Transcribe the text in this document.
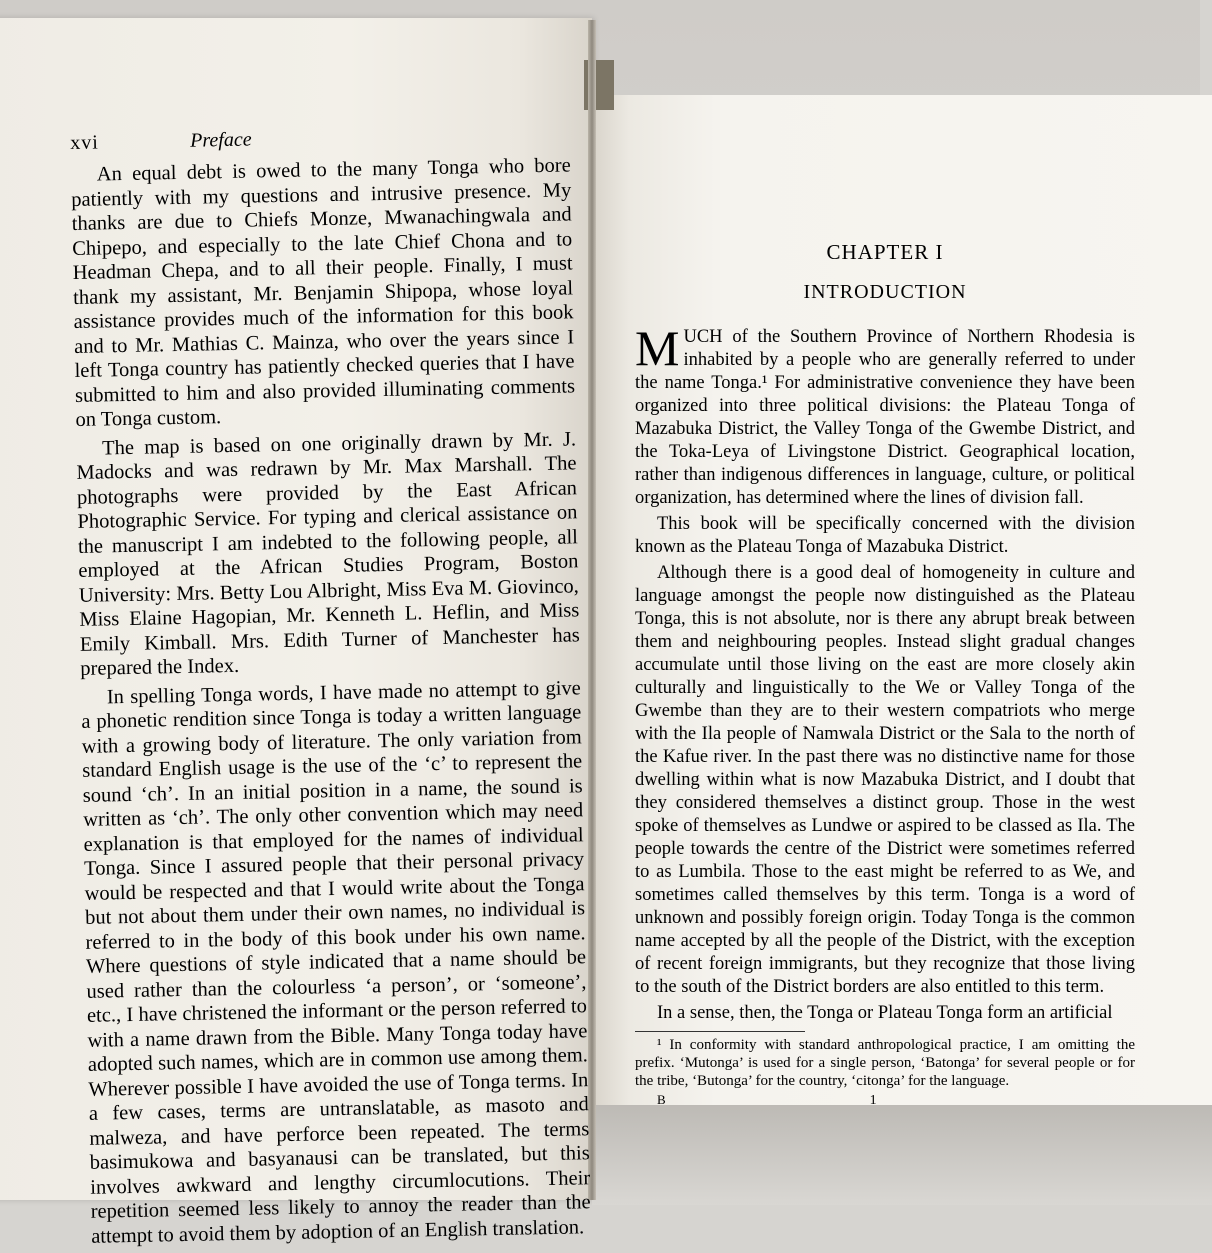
xvi	Preface

An equal debt is owed to the many Tonga who bore patiently with my questions and intrusive presence. My thanks are due to Chiefs Monze, Mwanachingwala and Chipepo, and especially to the late Chief Chona and to Headman Chepa, and to all their people. Finally, I must thank my assistant, Mr. Benjamin Shipopa, whose loyal assistance provides much of the information for this book and to Mr. Mathias C. Mainza, who over the years since I left Tonga country has patiently checked queries that I have submitted to him and also provided illuminating comments on Tonga custom.

The map is based on one originally drawn by Mr. J. Madocks and was redrawn by Mr. Max Marshall. The photographs were provided by the East African Photographic Service. For typing and clerical assistance on the manuscript I am indebted to the following people, all employed at the African Studies Program, Boston University: Mrs. Betty Lou Albright, Miss Eva M. Giovinco, Miss Elaine Hagopian, Mr. Kenneth L. Heflin, and Miss Emily Kimball. Mrs. Edith Turner of Manchester has prepared the Index.

In spelling Tonga words, I have made no attempt to give a phonetic rendition since Tonga is today a written language with a growing body of literature. The only variation from standard English usage is the use of the ‘c’ to represent the sound ‘ch’. In an initial position in a name, the sound is written as ‘ch’. The only other convention which may need explanation is that employed for the names of individual Tonga. Since I assured people that their personal privacy would be respected and that I would write about the Tonga but not about them under their own names, no individual is referred to in the body of this book under his own name. Where questions of style indicated that a name should be used rather than the colourless ‘a person’, or ‘someone’, etc., I have christened the informant or the person referred to with a name drawn from the Bible. Many Tonga today have adopted such names, which are in common use among them. Wherever possible I have avoided the use of Tonga terms. In a few cases, terms are untranslatable, as masoto and malweza, and have perforce been repeated. The terms basimukowa and basyanausi can be translated, but this involves awkward and lengthy circumlocutions. Their repetition seemed less likely to annoy the reader than the attempt to avoid them by adoption of an English translation.

CHAPTER I
INTRODUCTION

MUCH of the Southern Province of Northern Rhodesia is inhabited by a people who are generally referred to under the name Tonga.¹ For administrative convenience they have been organized into three political divisions: the Plateau Tonga of Mazabuka District, the Valley Tonga of the Gwembe District, and the Toka-Leya of Livingstone District. Geographical location, rather than indigenous differences in language, culture, or political organization, has determined where the lines of division fall.

This book will be specifically concerned with the division known as the Plateau Tonga of Mazabuka District.

Although there is a good deal of homogeneity in culture and language amongst the people now distinguished as the Plateau Tonga, this is not absolute, nor is there any abrupt break between them and neighbouring peoples. Instead slight gradual changes accumulate until those living on the east are more closely akin culturally and linguistically to the We or Valley Tonga of the Gwembe than they are to their western compatriots who merge with the Ila people of Namwala District or the Sala to the north of the Kafue river. In the past there was no distinctive name for those dwelling within what is now Mazabuka District, and I doubt that they considered themselves a distinct group. Those in the west spoke of themselves as Lundwe or aspired to be classed as Ila. The people towards the centre of the District were sometimes referred to as Lumbila. Those to the east might be referred to as We, and sometimes called themselves by this term. Tonga is a word of unknown and possibly foreign origin. Today Tonga is the common name accepted by all the people of the District, with the exception of recent foreign immigrants, but they recognize that those living to the south of the District borders are also entitled to this term.

In a sense, then, the Tonga or Plateau Tonga form an artificial

¹ In conformity with standard anthropological practice, I am omitting the prefix. ‘Mutonga’ is used for a single person, ‘Batonga’ for several people or for the tribe, ‘Butonga’ for the country, ‘citonga’ for the language.

B	1
